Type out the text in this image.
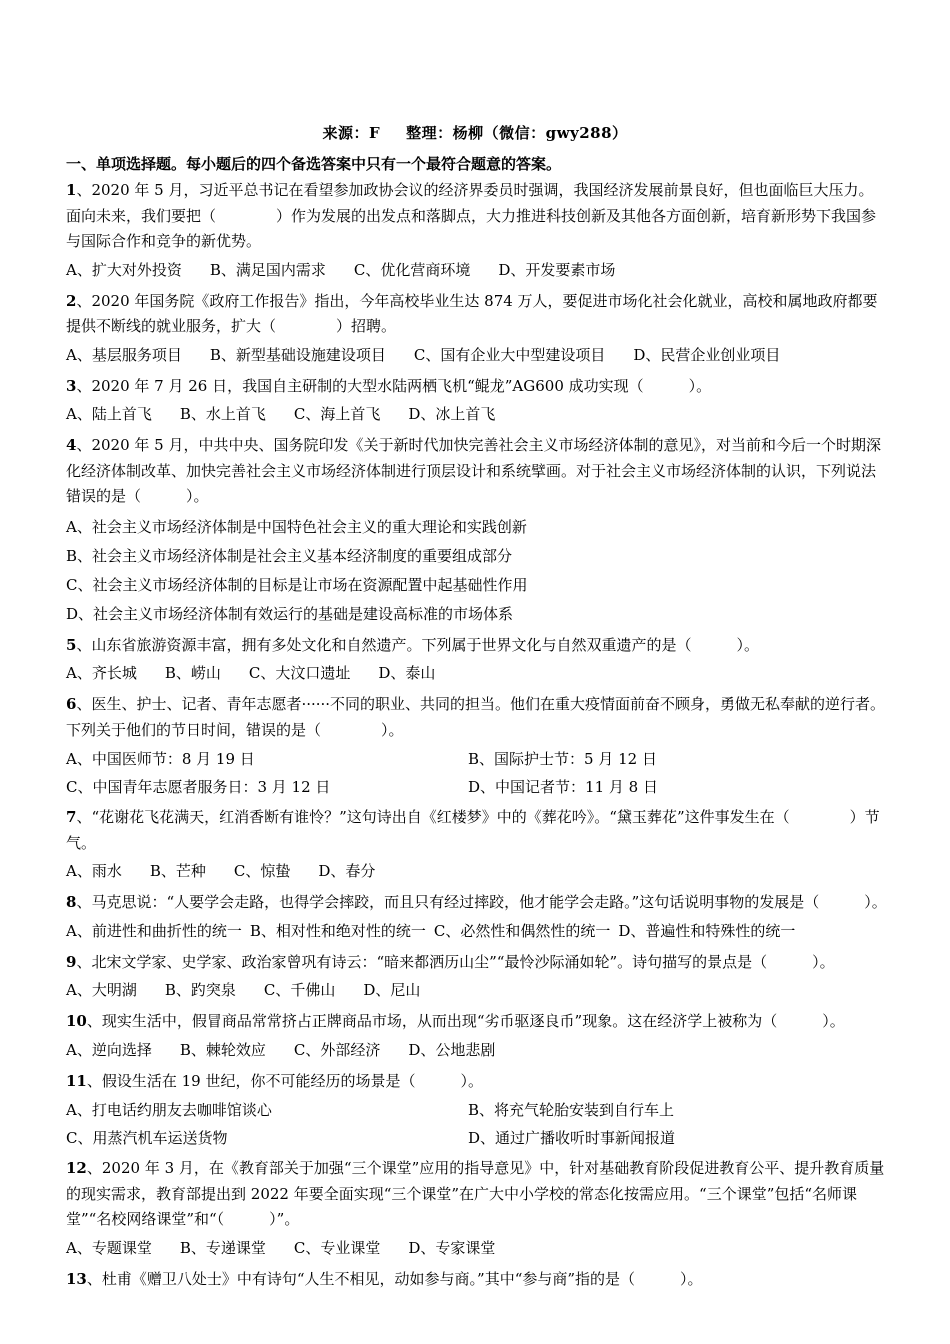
来源：F 整理：杨柳（微信：gwy288）
一、单项选择题。每小题后的四个备选答案中只有一个最符合题意的答案。

1、2020 年 5 月，习近平总书记在看望参加政协会议的经济界委员时强调，我国经济发展前景良好，但也面临巨大压力。面向未来，我们要把（　　　　）作为发展的出发点和落脚点，大力推进科技创新及其他各方面创新，培育新形势下我国参与国际合作和竞争的新优势。

A、扩大对外投资 B、满足国内需求 C、优化营商环境 D、开发要素市场

2、2020 年国务院《政府工作报告》指出，今年高校毕业生达 874 万人，要促进市场化社会化就业，高校和属地政府都要提供不断线的就业服务，扩大（　　　　）招聘。

A、基层服务项目 B、新型基础设施建设项目 C、国有企业大中型建设项目 D、民营企业创业项目

3、2020 年 7 月 26 日，我国自主研制的大型水陆两栖飞机“鲲龙”AG600 成功实现（　　　）。

A、陆上首飞 B、水上首飞 C、海上首飞 D、冰上首飞

4、2020 年 5 月，中共中央、国务院印发《关于新时代加快完善社会主义市场经济体制的意见》，对当前和今后一个时期深化经济体制改革、加快完善社会主义市场经济体制进行顶层设计和系统擘画。对于社会主义市场经济体制的认识，下列说法错误的是（　　　）。

A、社会主义市场经济体制是中国特色社会主义的重大理论和实践创新
B、社会主义市场经济体制是社会主义基本经济制度的重要组成部分
C、社会主义市场经济体制的目标是让市场在资源配置中起基础性作用
D、社会主义市场经济体制有效运行的基础是建设高标准的市场体系

5、山东省旅游资源丰富，拥有多处文化和自然遗产。下列属于世界文化与自然双重遗产的是（　　　）。

A、齐长城 B、崂山 C、大汶口遗址 D、泰山

6、医生、护士、记者、青年志愿者······不同的职业、共同的担当。他们在重大疫情面前奋不顾身，勇做无私奉献的逆行者。下列关于他们的节日时间，错误的是（　　　　）。

A、中国医师节：8 月 19 日	B、国际护士节：5 月 12 日
C、中国青年志愿者服务日：3 月 12 日	D、中国记者节：11 月 8 日

7、“花谢花飞花满天，红消香断有谁怜？”这句诗出自《红楼梦》中的《葬花吟》。“黛玉葬花”这件事发生在（　　　　）节气。

A、雨水 B、芒种 C、惊蛰 D、春分

8、马克思说：“人要学会走路，也得学会摔跤，而且只有经过摔跤，他才能学会走路。”这句话说明事物的发展是（　　　）。

A、前进性和曲折性的统一 B、相对性和绝对性的统一 C、必然性和偶然性的统一 D、普遍性和特殊性的统一

9、北宋文学家、史学家、政治家曾巩有诗云：“暗来都洒历山尘”“最怜沙际涌如轮”。诗句描写的景点是（　　　）。

A、大明湖 B、趵突泉 C、千佛山 D、尼山

10、现实生活中，假冒商品常常挤占正牌商品市场，从而出现“劣币驱逐良币”现象。这在经济学上被称为（　　　）。

A、逆向选择 B、棘轮效应 C、外部经济 D、公地悲剧

11、假设生活在 19 世纪，你不可能经历的场景是（　　　）。

A、打电话约朋友去咖啡馆谈心	B、将充气轮胎安装到自行车上
C、用蒸汽机车运送货物	D、通过广播收听时事新闻报道

12、2020 年 3 月，在《教育部关于加强“三个课堂”应用的指导意见》中，针对基础教育阶段促进教育公平、提升教育质量的现实需求，教育部提出到 2022 年要全面实现“三个课堂”在广大中小学校的常态化按需应用。“三个课堂”包括“名师课堂”“名校网络课堂”和“（　　　）”。

A、专题课堂 B、专递课堂 C、专业课堂 D、专家课堂

13、杜甫《赠卫八处士》中有诗句“人生不相见，动如参与商。”其中“参与商”指的是（　　　）。
